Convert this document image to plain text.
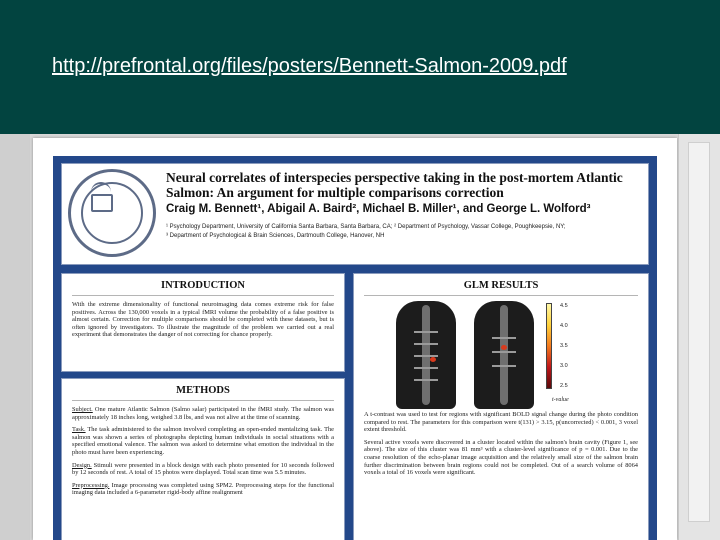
http://prefrontal.org/files/posters/Bennett-Salmon-2009.pdf
Neural correlates of interspecies perspective taking in the post-mortem Atlantic Salmon: An argument for multiple comparisons correction
Craig M. Bennett¹, Abigail A. Baird², Michael B. Miller¹, and George L. Wolford³
¹ Psychology Department, University of California Santa Barbara, Santa Barbara, CA; ² Department of Psychology, Vassar College, Poughkeepsie, NY;
³ Department of Psychological & Brain Sciences, Dartmouth College, Hanover, NH
INTRODUCTION
With the extreme dimensionality of functional neuroimaging data comes extreme risk for false positives. Across the 130,000 voxels in a typical fMRI volume the probability of a false positive is almost certain. Correction for multiple comparisons should be completed with these datasets, but is often ignored by investigators. To illustrate the magnitude of the problem we carried out a real experiment that demonstrates the danger of not correcting for chance properly.
METHODS

Subject. One mature Atlantic Salmon (Salmo salar) participated in the fMRI study. The salmon was approximately 18 inches long, weighed 3.8 lbs, and was not alive at the time of scanning.

Task. The task administered to the salmon involved completing an open-ended mentalizing task. The salmon was shown a series of photographs depicting human individuals in social situations with a specified emotional valence. The salmon was asked to determine what emotion the individual in the photo must have been experiencing.

Design. Stimuli were presented in a block design with each photo presented for 10 seconds followed by 12 seconds of rest. A total of 15 photos were displayed. Total scan time was 5.5 minutes.

Preprocessing. Image processing was completed using SPM2. Preprocessing steps for the functional imaging data included a 6-parameter rigid-body affine realignment

GLM RESULTS
4.5
4.0
3.5
3.0
2.5
t-value

A t-contrast was used to test for regions with significant BOLD signal change during the photo condition compared to rest. The parameters for this comparison were t(131) > 3.15, p(uncorrected) < 0.001, 3 voxel extent threshold.

Several active voxels were discovered in a cluster located within the salmon's brain cavity (Figure 1, see above). The size of this cluster was 81 mm³ with a cluster-level significance of p = 0.001. Due to the coarse resolution of the echo-planar image acquisition and the relatively small size of the salmon brain further discrimination between brain regions could not be completed. Out of a search volume of 8064 voxels a total of 16 voxels were significant.
